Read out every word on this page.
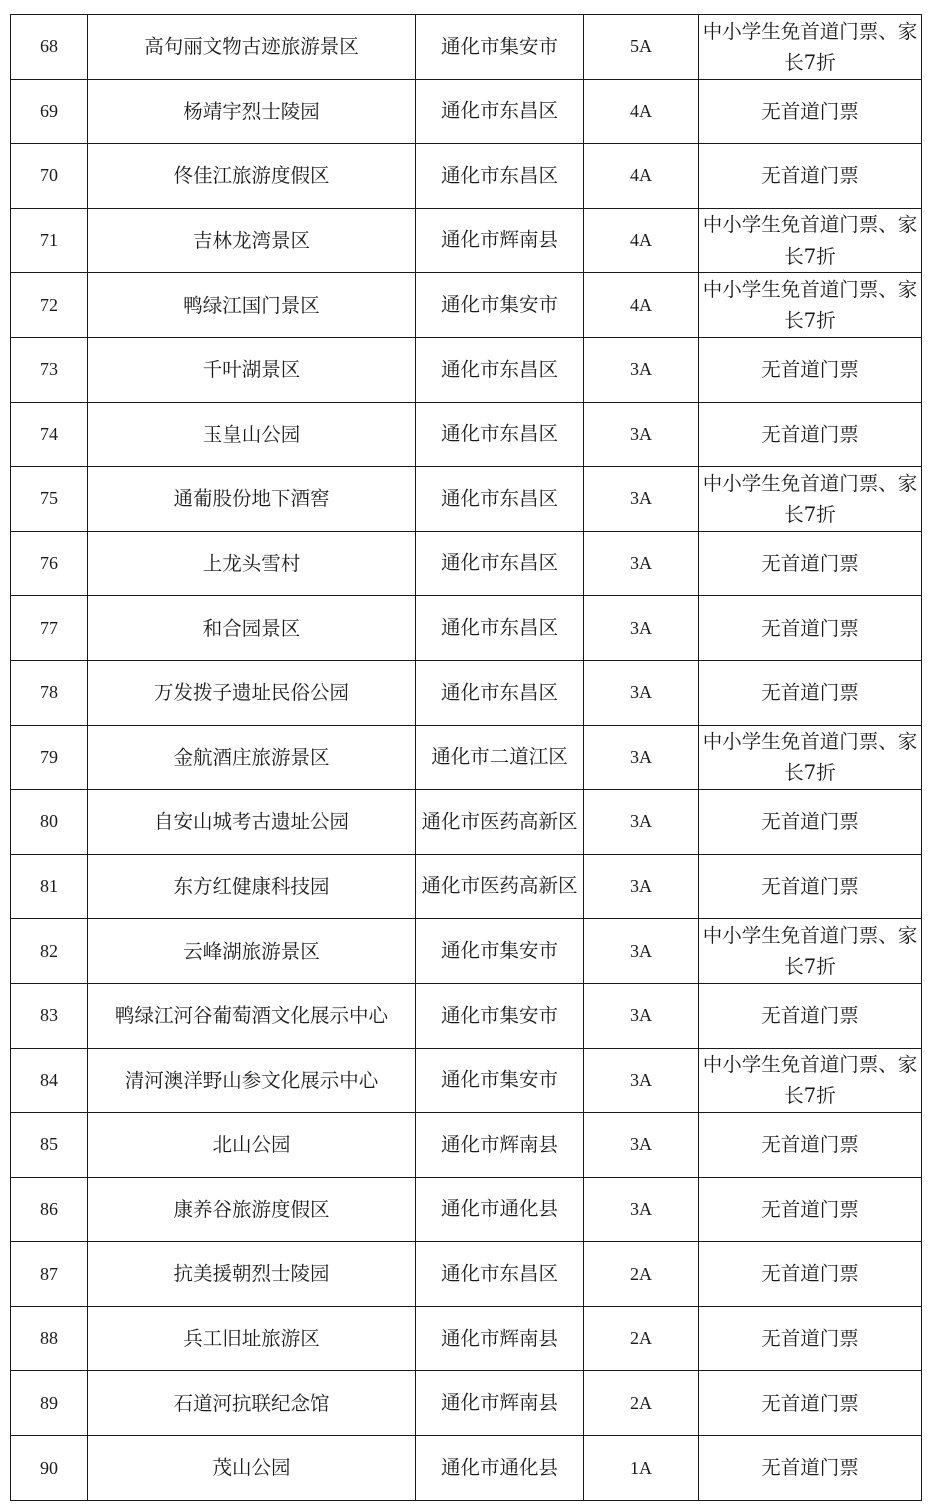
68	高句丽文物古迹旅游景区	通化市集安市	5A	中小学生免首道门票、家长7折
69	杨靖宇烈士陵园	通化市东昌区	4A	无首道门票
70	佟佳江旅游度假区	通化市东昌区	4A	无首道门票
71	吉林龙湾景区	通化市辉南县	4A	中小学生免首道门票、家长7折
72	鸭绿江国门景区	通化市集安市	4A	中小学生免首道门票、家长7折
73	千叶湖景区	通化市东昌区	3A	无首道门票
74	玉皇山公园	通化市东昌区	3A	无首道门票
75	通葡股份地下酒窖	通化市东昌区	3A	中小学生免首道门票、家长7折
76	上龙头雪村	通化市东昌区	3A	无首道门票
77	和合园景区	通化市东昌区	3A	无首道门票
78	万发拨子遗址民俗公园	通化市东昌区	3A	无首道门票
79	金航酒庄旅游景区	通化市二道江区	3A	中小学生免首道门票、家长7折
80	自安山城考古遗址公园	通化市医药高新区	3A	无首道门票
81	东方红健康科技园	通化市医药高新区	3A	无首道门票
82	云峰湖旅游景区	通化市集安市	3A	中小学生免首道门票、家长7折
83	鸭绿江河谷葡萄酒文化展示中心	通化市集安市	3A	无首道门票
84	清河澳洋野山参文化展示中心	通化市集安市	3A	中小学生免首道门票、家长7折
85	北山公园	通化市辉南县	3A	无首道门票
86	康养谷旅游度假区	通化市通化县	3A	无首道门票
87	抗美援朝烈士陵园	通化市东昌区	2A	无首道门票
88	兵工旧址旅游区	通化市辉南县	2A	无首道门票
89	石道河抗联纪念馆	通化市辉南县	2A	无首道门票
90	茂山公园	通化市通化县	1A	无首道门票
